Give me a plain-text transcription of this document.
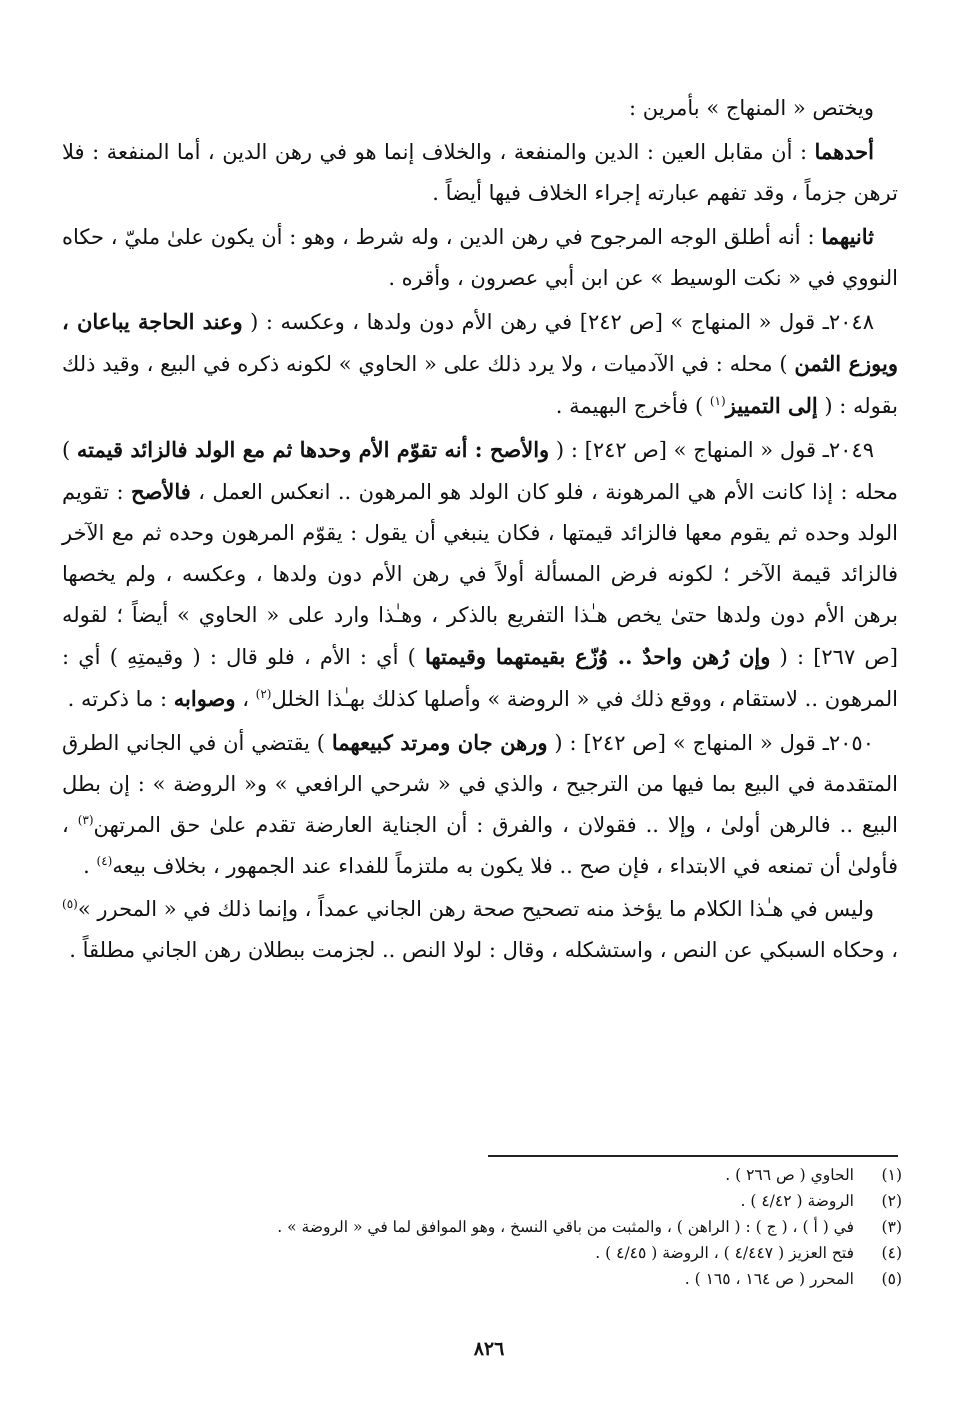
ويختص « المنهاج » بأمرين :

أحدهما : أن مقابل العين : الدين والمنفعة ، والخلاف إنما هو في رهن الدين ، أما المنفعة : فلا ترهن جزماً ، وقد تفهم عبارته إجراء الخلاف فيها أيضاً .

ثانيهما : أنه أطلق الوجه المرجوح في رهن الدين ، وله شرط ، وهو : أن يكون علىٰ مليّ ، حكاه النووي في « نكت الوسيط » عن ابن أبي عصرون ، وأقره .

٢٠٤٨ـ قول « المنهاج » [ص ٢٤٢] في رهن الأم دون ولدها ، وعكسه : ( وعند الحاجة يباعان ، ويوزع الثمن ) محله : في الآدميات ، ولا يرد ذلك على « الحاوي » لكونه ذكره في البيع ، وقيد ذلك بقوله : ( إلى التمييز$^{(١)}$ ) فأخرج البهيمة .

٢٠٤٩ـ قول « المنهاج » [ص ٢٤٢] : ( والأصح : أنه تقوّم الأم وحدها ثم مع الولد فالزائد قيمته ) محله : إذا كانت الأم هي المرهونة ، فلو كان الولد هو المرهون .. انعكس العمل ، فالأصح : تقويم الولد وحده ثم يقوم معها فالزائد قيمتها ، فكان ينبغي أن يقول : يقوّم المرهون وحده ثم مع الآخر فالزائد قيمة الآخر ؛ لكونه فرض المسألة أولاً في رهن الأم دون ولدها ، وعكسه ، ولم يخصها برهن الأم دون ولدها حتىٰ يخص هـٰذا التفريع بالذكر ، وهـٰذا وارد على « الحاوي » أيضاً ؛ لقوله [ص ٢٦٧] : ( وإن رُهن واحدٌ .. وُزّع بقيمتهما وقيمتها ) أي : الأم ، فلو قال : ( وقيمتِهِ ) أي : المرهون .. لاستقام ، ووقع ذلك في « الروضة » وأصلها كذلك بهـٰذا الخلل$^{(٢)}$ ، وصوابه : ما ذكرته .

٢٠٥٠ـ قول « المنهاج » [ص ٢٤٢] : ( ورهن جان ومرتد كبيعهما ) يقتضي أن في الجاني الطرق المتقدمة في البيع بما فيها من الترجيح ، والذي في « شرحي الرافعي » و« الروضة » : إن بطل البيع .. فالرهن أولىٰ ، وإلا .. فقولان ، والفرق : أن الجناية العارضة تقدم علىٰ حق المرتهن$^{(٣)}$ ، فأولىٰ أن تمنعه في الابتداء ، فإن صح .. فلا يكون به ملتزماً للفداء عند الجمهور ، بخلاف بيعه$^{(٤)}$ .

وليس في هـٰذا الكلام ما يؤخذ منه تصحيح صحة رهن الجاني عمداً ، وإنما ذلك في « المحرر »$^{(٥)}$ ، وحكاه السبكي عن النص ، واستشكله ، وقال : لولا النص .. لجزمت ببطلان رهن الجاني مطلقاً .

(١)
الحاوي ( ص ٢٦٦ ) .
(٢)
الروضة ( ٤/٤٢ ) .
(٣)
في ( أ ) ، ( ج ) : ( الراهن ) ، والمثبت من باقي النسخ ، وهو الموافق لما في « الروضة » .
(٤)
فتح العزيز ( ٤/٤٤٧ ) ، الروضة ( ٤/٤٥ ) .
(٥)
المحرر ( ص ١٦٤ ، ١٦٥ ) .
٨٢٦
